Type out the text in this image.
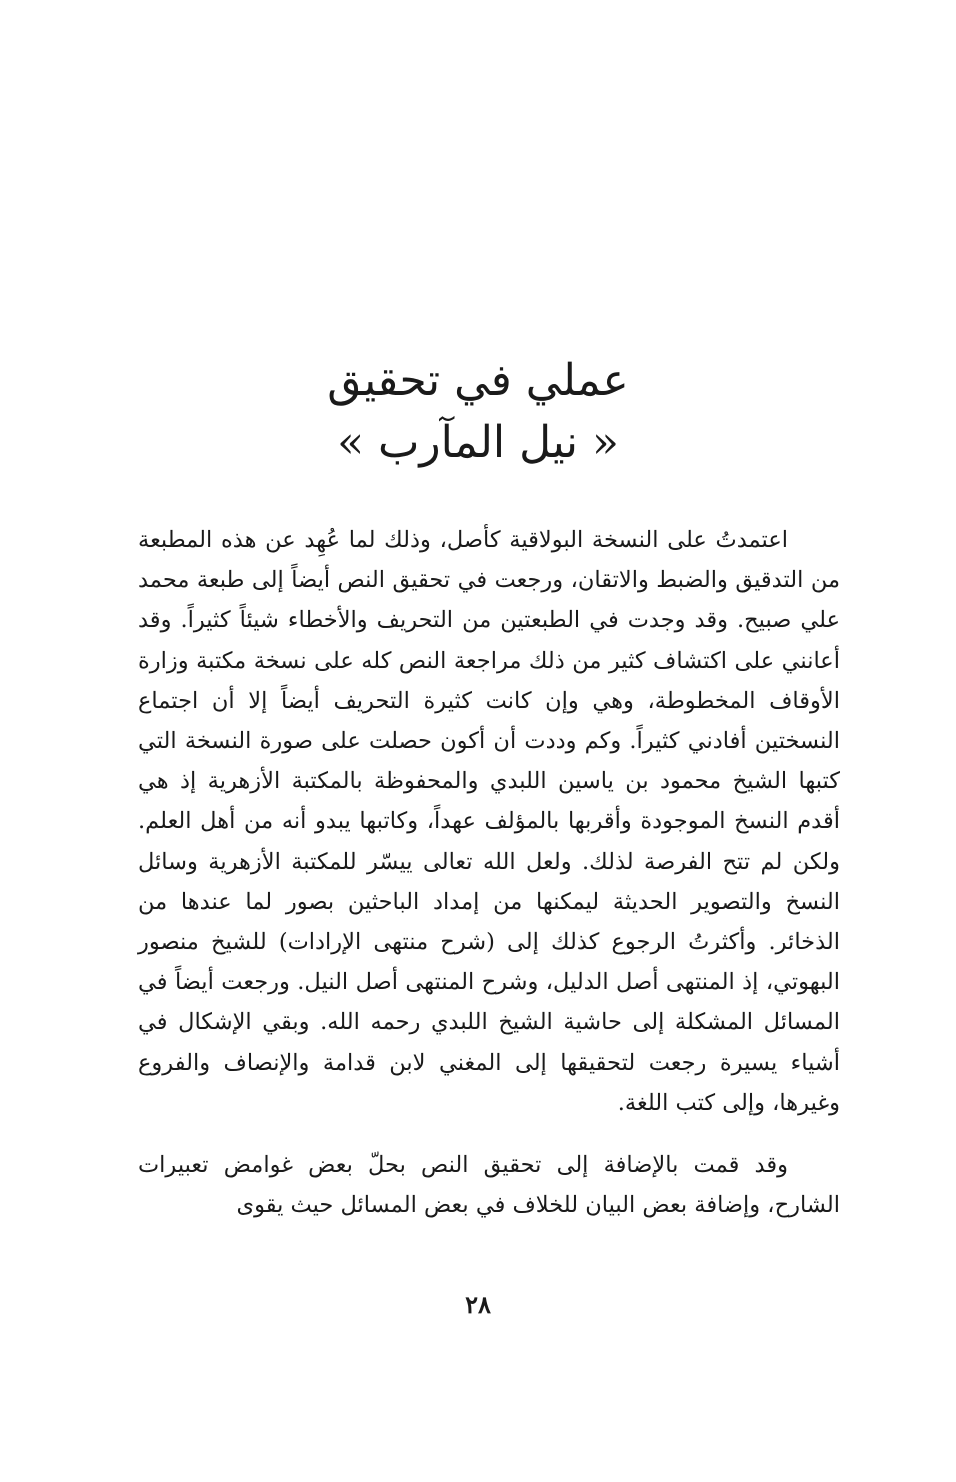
عملي في تحقيق
« نيل المآرب »

اعتمدتُ على النسخة البولاقية كأصل، وذلك لما عُهِد عن هذه المطبعة من التدقيق والضبط والاتقان، ورجعت في تحقيق النص أيضاً إلى طبعة محمد علي صبيح. وقد وجدت في الطبعتين من التحريف والأخطاء شيئاً كثيراً. وقد أعانني على اكتشاف كثير من ذلك مراجعة النص كله على نسخة مكتبة وزارة الأوقاف المخطوطة، وهي وإن كانت كثيرة التحريف أيضاً إلا أن اجتماع النسختين أفادني كثيراً. وكم وددت أن أكون حصلت على صورة النسخة التي كتبها الشيخ محمود بن ياسين اللبدي والمحفوظة بالمكتبة الأزهرية إذ هي أقدم النسخ الموجودة وأقربها بالمؤلف عهداً، وكاتبها يبدو أنه من أهل العلم. ولكن لم تتح الفرصة لذلك. ولعل الله تعالى ييسّر للمكتبة الأزهرية وسائل النسخ والتصوير الحديثة ليمكنها من إمداد الباحثين بصور لما عندها من الذخائر. وأكثرتُ الرجوع كذلك إلى (شرح منتهى الإرادات) للشيخ منصور البهوتي، إذ المنتهى أصل الدليل، وشرح المنتهى أصل النيل. ورجعت أيضاً في المسائل المشكلة إلى حاشية الشيخ اللبدي رحمه الله. وبقي الإشكال في أشياء يسيرة رجعت لتحقيقها إلى المغني لابن قدامة والإنصاف والفروع وغيرها، وإلى كتب اللغة.

وقد قمت بالإضافة إلى تحقيق النص بحلّ بعض غوامض تعبيرات الشارح، وإضافة بعض البيان للخلاف في بعض المسائل حيث يقوى

٢٨
